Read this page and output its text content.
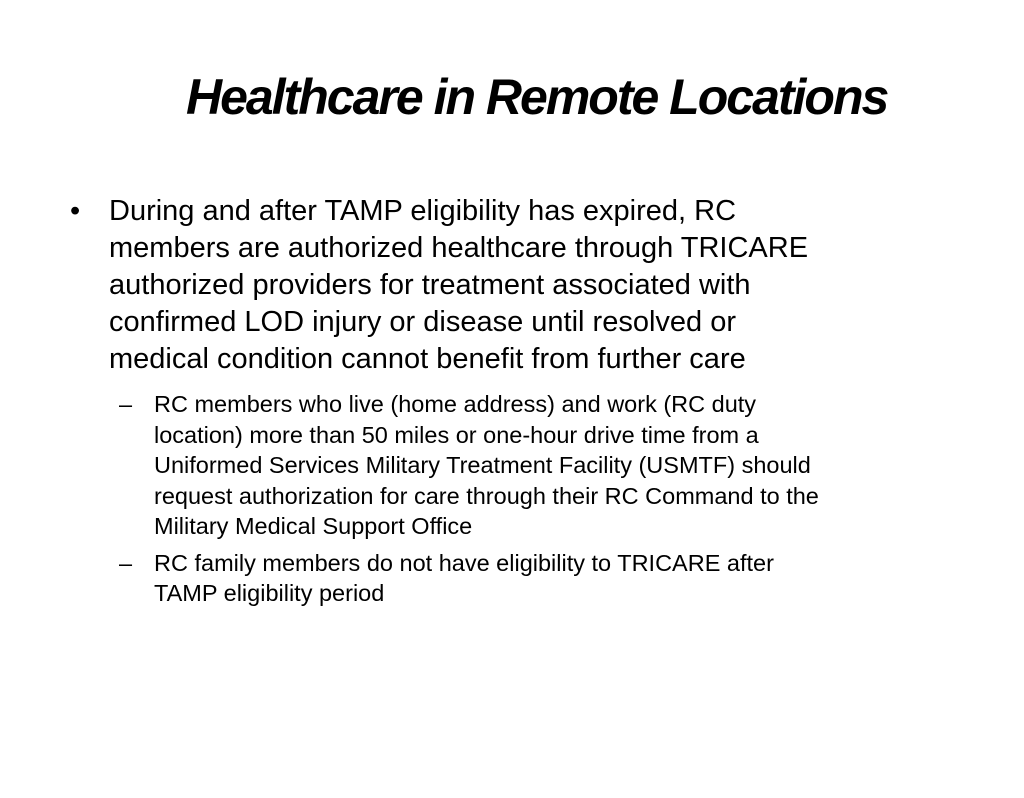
Healthcare in Remote Locations
• During and after TAMP eligibility has expired, RC
members are authorized healthcare through TRICARE
authorized providers for treatment associated with
confirmed LOD injury or disease until resolved or
medical condition cannot benefit from further care
– RC members who live (home address) and work (RC duty
location) more than 50 miles or one-hour drive time from a
Uniformed Services Military Treatment Facility (USMTF) should
request authorization for care through their RC Command to the
Military Medical Support Office
– RC family members do not have eligibility to TRICARE after
TAMP eligibility period
